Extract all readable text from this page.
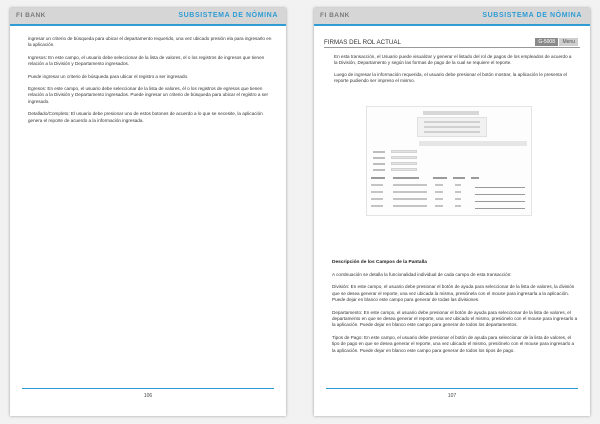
FI BANK	SUBSISTEMA DE NÓMINA

ingresar un criterio de búsqueda para ubicar el departamento requerido, una vez ubicado presión ela para ingresarlo en la aplicación.

Ingresos: En este campo, el usuario debe seleccionar de la lista de valores, el o los registros de ingresos que tienen relación a la División y Departamento ingresados.

Puede ingresar un criterio de búsqueda para ubicar el registro a ser ingresado.

Egresos: En este campo, el usuario debe seleccionar de la lista de valores, él o los registros de egresos que tienen relación a la División y Departamento ingresados. Puede ingresar un criterio de búsqueda para ubicar el registro a ser ingresado.

Detallado/Completo: El usuario debe presionar uno de estos botones de acuerdo a lo que se necesite, la aplicación genera el reporte de acuerdo a la información ingresada.

106
FI BANK	SUBSISTEMA DE NÓMINA
FIRMAS DEL ROL ACTUAL	G-5008	Menu

En esta transacción, el Usuario puede visualizar y generar el listado del rol de pagos de los empleados de acuerdo a la División, Departamento y según las formas de pago de la cual se requiere el reporte.

Luego de ingresar la información requerida, el usuario debe presionar el botón mostrar, la aplicación le presenta el reporte pudiendo ser impreso el mismo.

Descripción de los Campos de la Pantalla

A continuación se detalla la funcionalidad individual de cada campo de esta transacción:

División: En este campo, el usuario debe presionar el botón de ayuda para seleccionar de la lista de valores, la división que se desea generar el reporte, una vez ubicada la misma, presiónela con el mouse para ingresarla a la aplicación. Puede dejar en blanco este campo para generar de todas las divisiones.

Departamento: En este campo, el usuario debe presionar el botón de ayuda para seleccionar de la lista de valores, el departamento en que se desea generar el reporte, una vez ubicado el mismo, presiónelo con el mouse para ingresarlo a la aplicación. Puede dejar en blanco este campo para generar de todos los departamentos.

Tipos de Pago: En este campo, el usuario debe presionar el botón de ayuda para seleccionar de la lista de valores, el tipo de pago en que se desea generar el reporte, una vez ubicado el mismo, presiónelo con el mouse para ingresarlo a la aplicación. Puede dejar en blanco este campo para generar de todos los tipos de pago.

107
